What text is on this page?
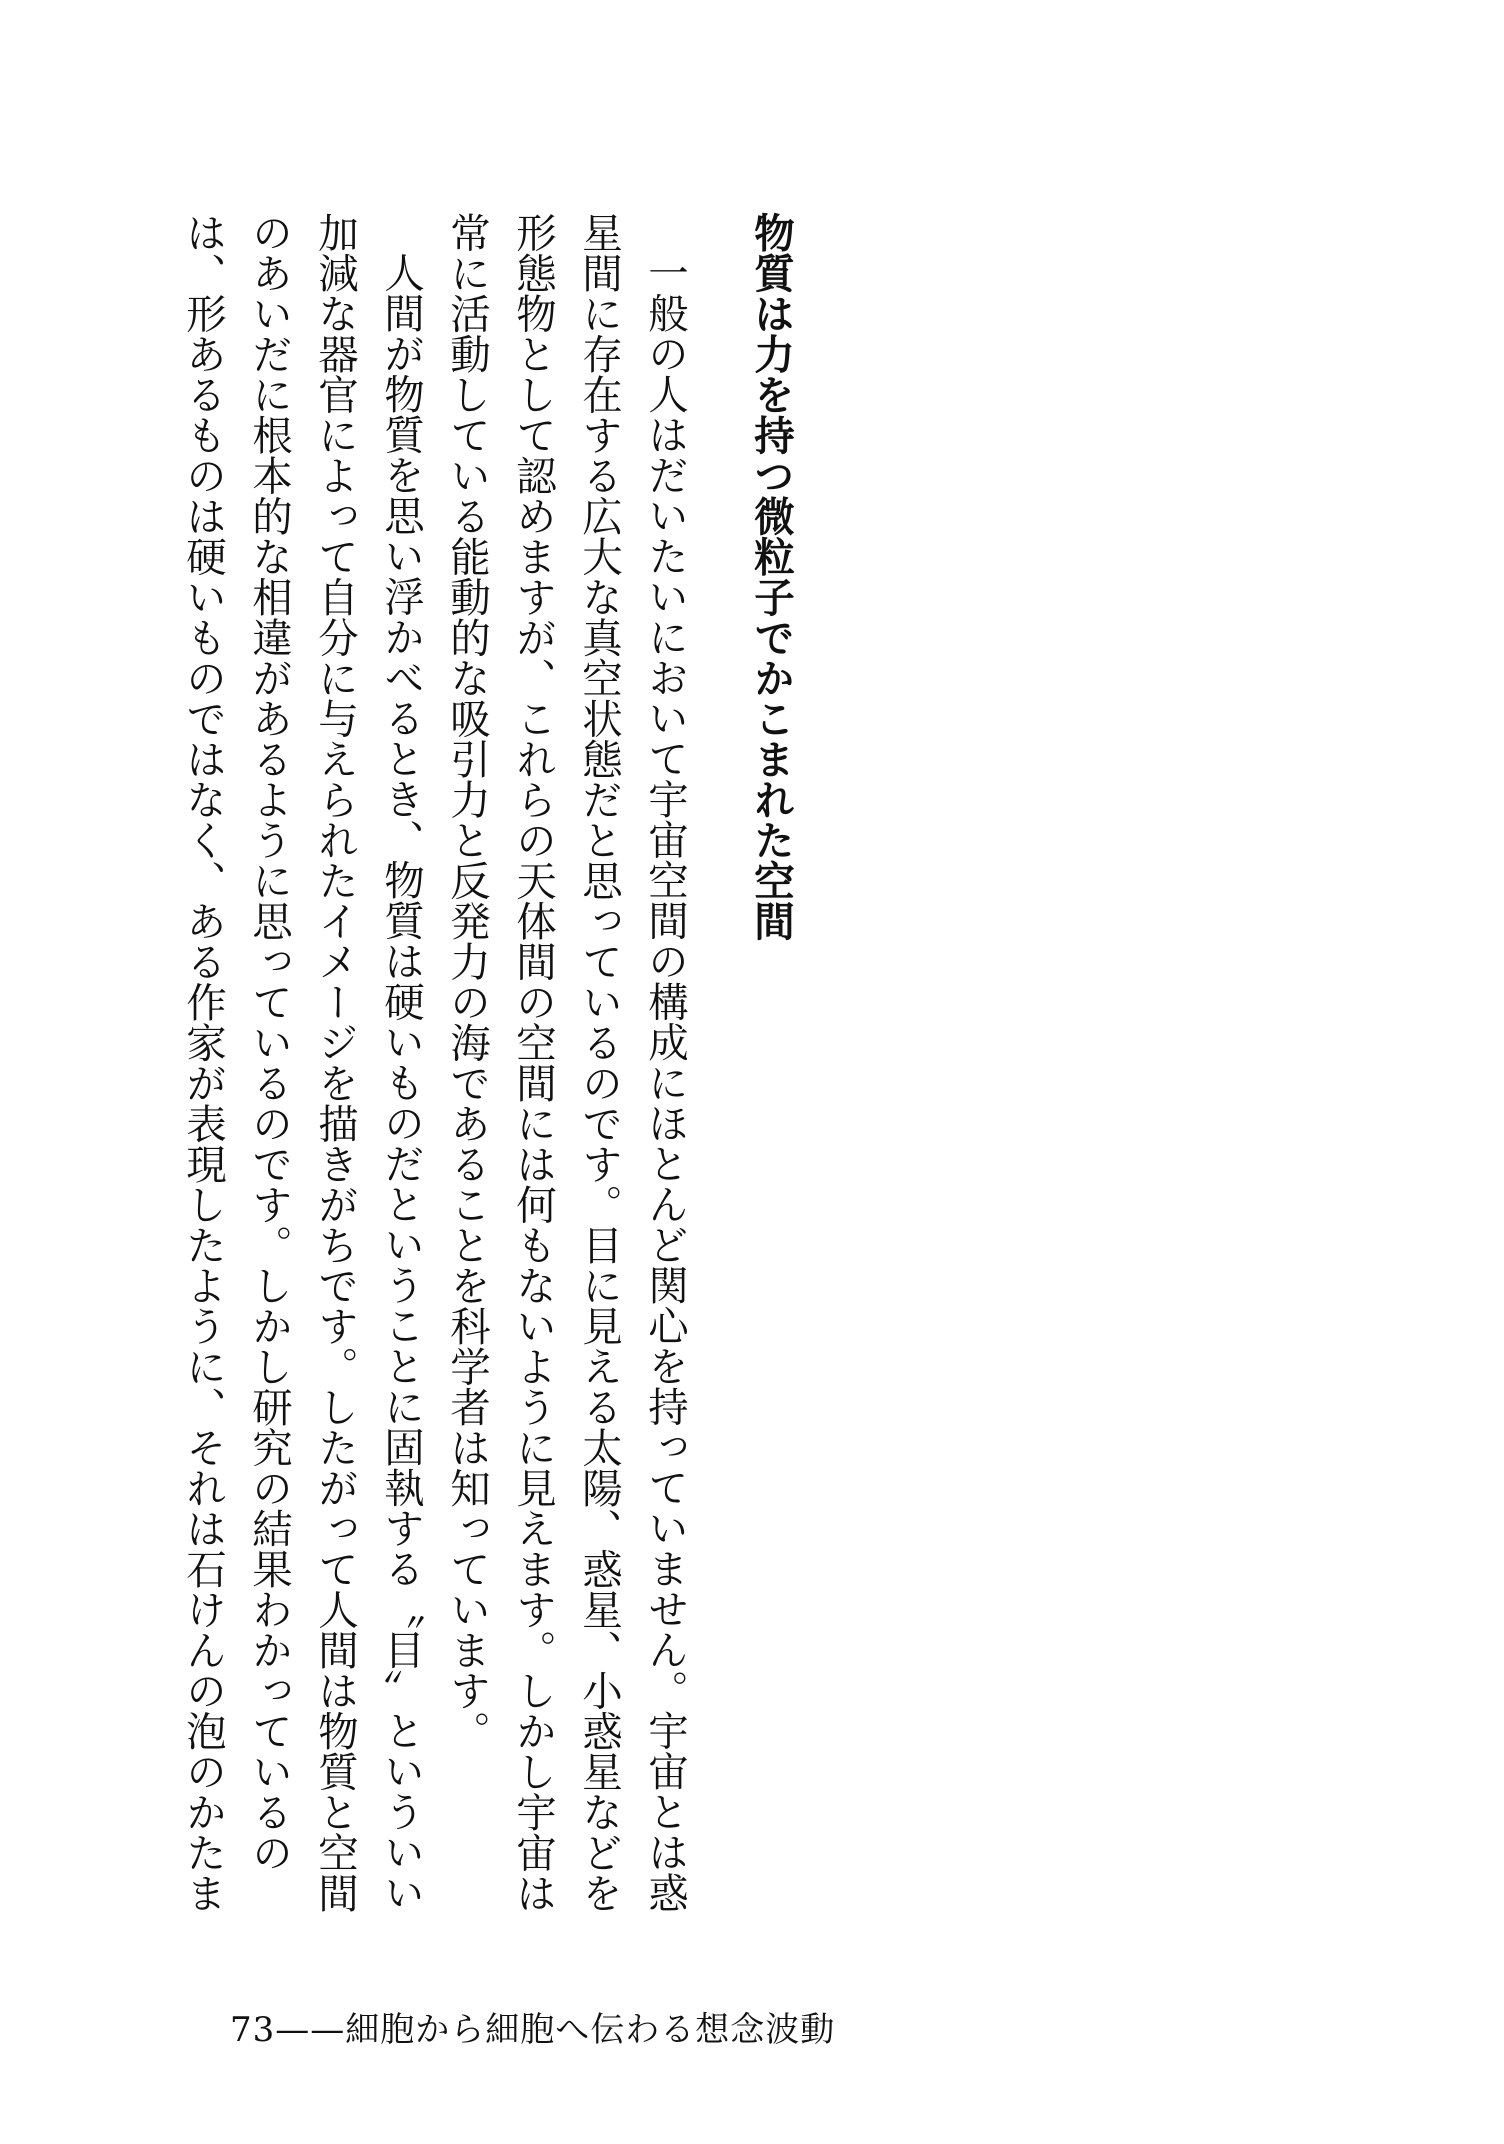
物質は力を持つ微粒子でかこまれた空間
一般の人はだいたいにおいて宇宙空間の構成にほとんど関心を持っていません。宇宙とは惑
星間に存在する広大な真空状態だと思っているのです。目に見える太陽、惑星、小惑星などを
形態物として認めますが、これらの天体間の空間には何もないように見えます。しかし宇宙は
常に活動している能動的な吸引力と反発力の海であることを科学者は知っています。
人間が物質を思い浮かべるとき、物質は硬いものだということに固執する〝目〟といういい
加減な器官によって自分に与えられたイメージを描きがちです。したがって人間は物質と空間
のあいだに根本的な相違があるように思っているのです。しかし研究の結果わかっているの
は、形あるものは硬いものではなく、ある作家が表現したように、それは石けんの泡のかたま
73——細胞から細胞へ伝わる想念波動
